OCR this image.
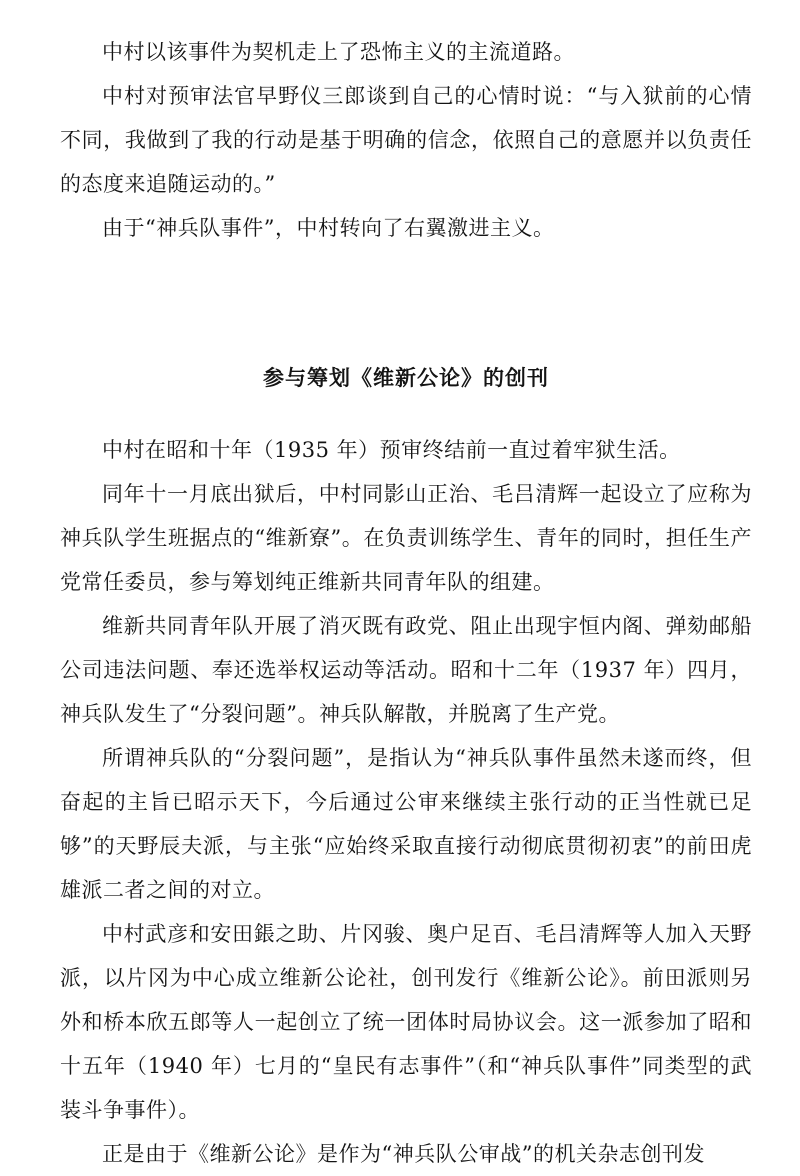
中村以该事件为契机走上了恐怖主义的主流道路。

中村对预审法官早野仪三郎谈到自己的心情时说：“与入狱前的心情不同，我做到了我的行动是基于明确的信念，依照自己的意愿并以负责任的态度来追随运动的。”

由于“神兵队事件”，中村转向了右翼激进主义。

参与筹划《维新公论》的创刊

中村在昭和十年（1935 年）预审终结前一直过着牢狱生活。

同年十一月底出狱后，中村同影山正治、毛吕清辉一起设立了应称为神兵队学生班据点的“维新寮”。在负责训练学生、青年的同时，担任生产党常任委员，参与筹划纯正维新共同青年队的组建。

维新共同青年队开展了消灭既有政党、阻止出现宇恒内阁、弹劾邮船公司违法问题、奉还选举权运动等活动。昭和十二年（1937 年）四月，神兵队发生了“分裂问题”。神兵队解散，并脱离了生产党。

所谓神兵队的“分裂问题”，是指认为“神兵队事件虽然未遂而终，但奋起的主旨已昭示天下，今后通过公审来继续主张行动的正当性就已足够”的天野辰夫派，与主张“应始终采取直接行动彻底贯彻初衷”的前田虎雄派二者之间的对立。

中村武彦和安田鋹之助、片冈骏、奥户足百、毛吕清辉等人加入天野派，以片冈为中心成立维新公论社，创刊发行《维新公论》。前田派则另外和桥本欣五郎等人一起创立了统一团体时局协议会。这一派参加了昭和十五年（1940 年）七月的“皇民有志事件”（和“神兵队事件”同类型的武装斗争事件）。

正是由于《维新公论》是作为“神兵队公审战”的机关杂志创刊发
